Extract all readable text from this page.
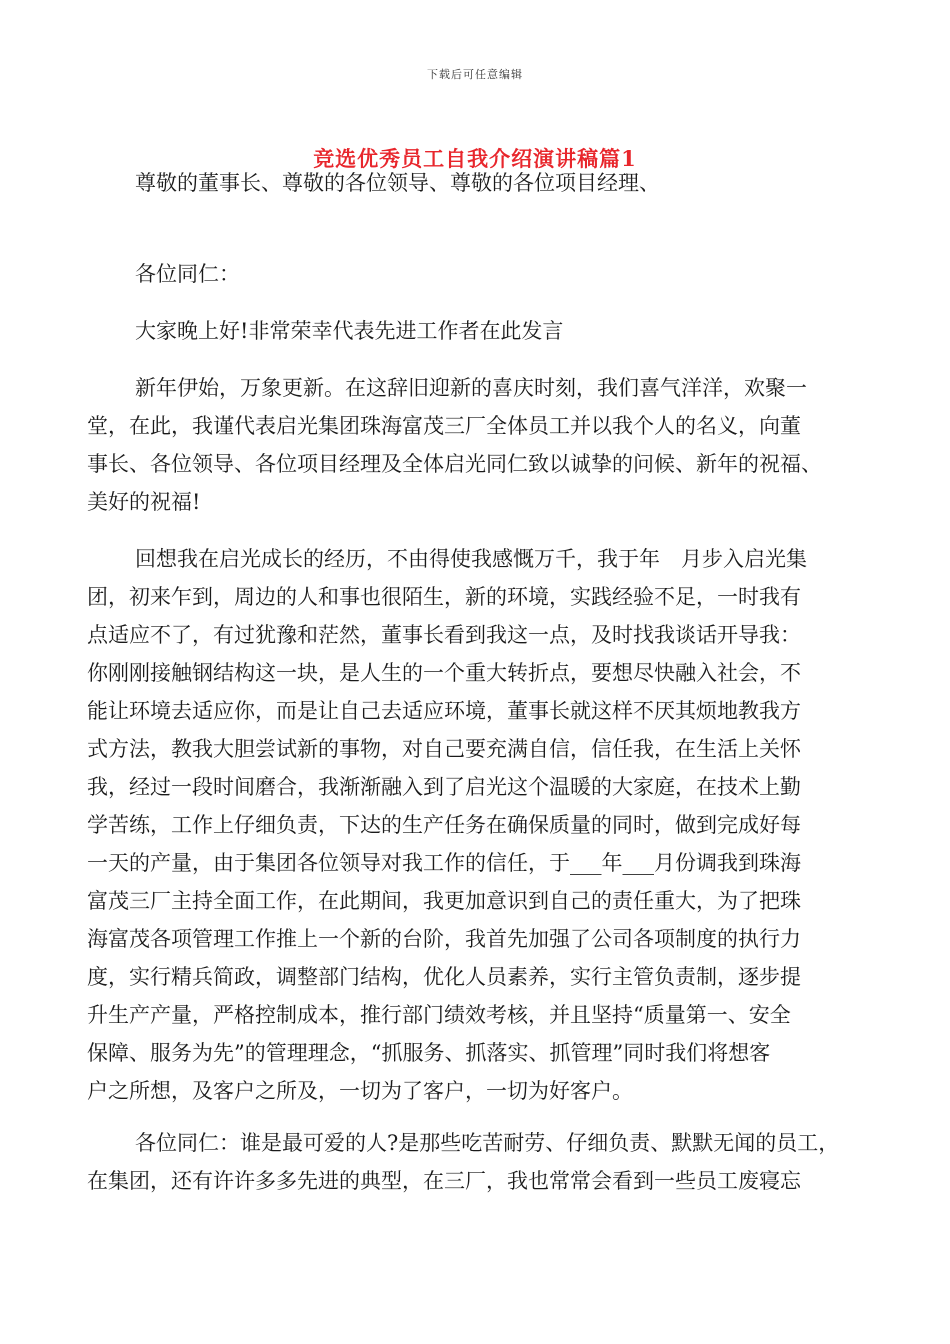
下载后可任意编辑
竞选优秀员工自我介绍演讲稿篇1
尊敬的董事长、尊敬的各位领导、尊敬的各位项目经理、
各位同仁：
大家晚上好!非常荣幸代表先进工作者在此发言
新年伊始，万象更新。在这辞旧迎新的喜庆时刻，我们喜气洋洋，欢聚一
堂，在此，我谨代表启光集团珠海富茂三厂全体员工并以我个人的名义，向董
事长、各位领导、各位项目经理及全体启光同仁致以诚挚的问候、新年的祝福、
美好的祝福!
回想我在启光成长的经历，不由得使我感慨万千，我于年　月步入启光集
团，初来乍到，周边的人和事也很陌生，新的环境，实践经验不足，一时我有
点适应不了，有过犹豫和茫然，董事长看到我这一点，及时找我谈话开导我：
你刚刚接触钢结构这一块，是人生的一个重大转折点，要想尽快融入社会，不
能让环境去适应你，而是让自己去适应环境，董事长就这样不厌其烦地教我方
式方法，教我大胆尝试新的事物，对自己要充满自信，信任我，在生活上关怀
我，经过一段时间磨合，我渐渐融入到了启光这个温暖的大家庭，在技术上勤
学苦练，工作上仔细负责，下达的生产任务在确保质量的同时，做到完成好每
一天的产量，由于集团各位领导对我工作的信任，于___年___月份调我到珠海
富茂三厂主持全面工作，在此期间，我更加意识到自己的责任重大，为了把珠
海富茂各项管理工作推上一个新的台阶，我首先加强了公司各项制度的执行力
度，实行精兵简政，调整部门结构，优化人员素养，实行主管负责制，逐步提
升生产产量，严格控制成本，推行部门绩效考核，并且坚持“质量第一、安全
保障、服务为先”的管理理念，“抓服务、抓落实、抓管理”同时我们将想客
户之所想，及客户之所及，一切为了客户，一切为好客户。
各位同仁：谁是最可爱的人?是那些吃苦耐劳、仔细负责、默默无闻的员工，
在集团，还有许许多多先进的典型，在三厂，我也常常会看到一些员工废寝忘
